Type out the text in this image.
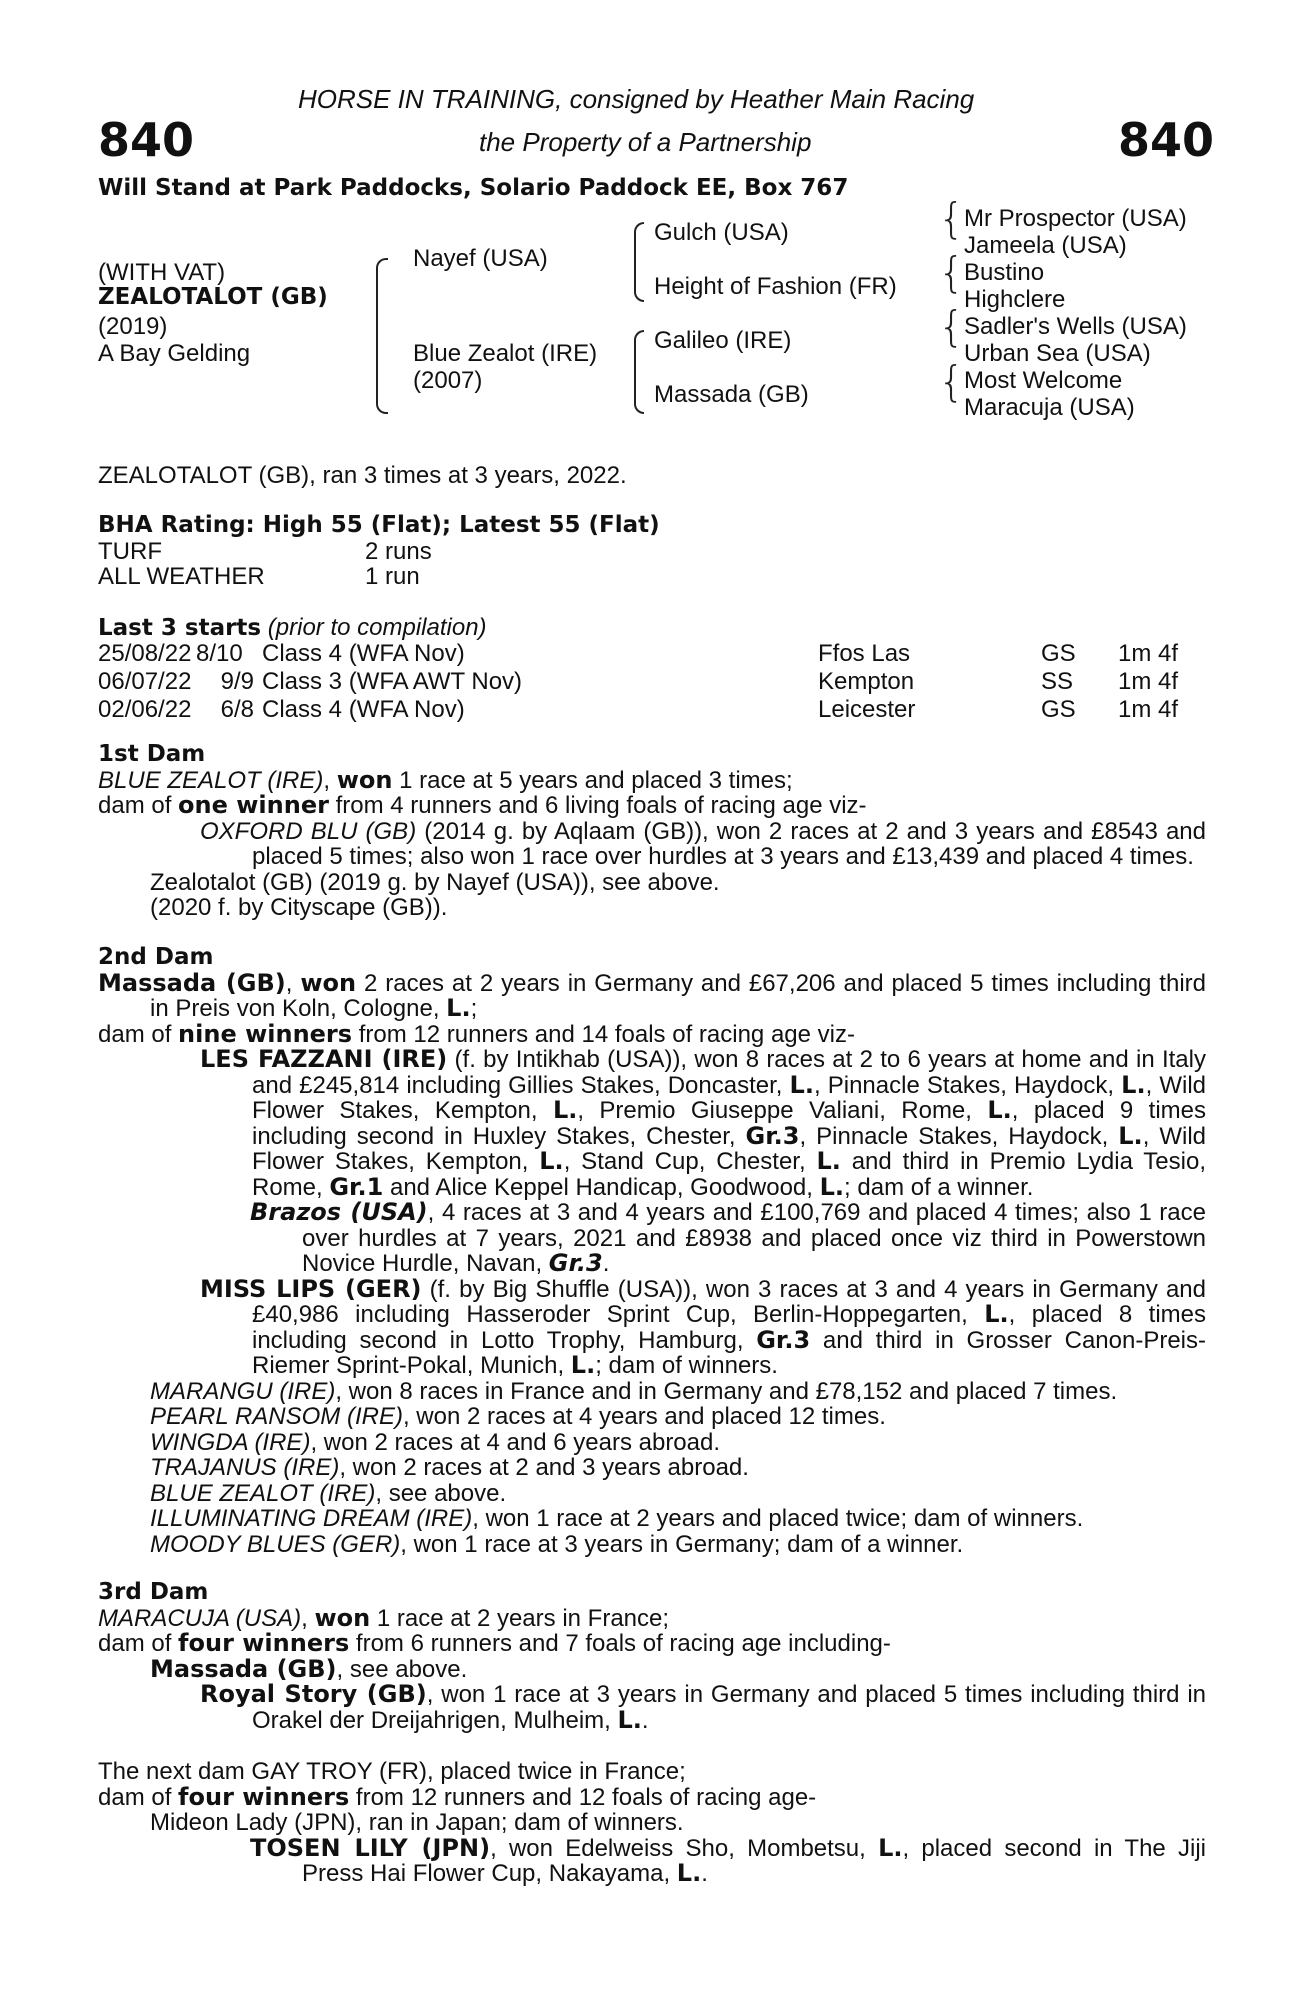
HORSE IN TRAINING, consigned by Heather Main Racing
840	the Property of a Partnership	840
Will Stand at Park Paddocks, Solario Paddock EE, Box 767
(WITH VAT)
ZEALOTALOT (GB)
(2019)
A Bay Gelding
{
{
{
{
Nayef (USA)
Blue Zealot (IRE)
(2007)
Gulch (USA)
Height of Fashion (FR)
Galileo (IRE)
Massada (GB)
Mr Prospector (USA)
Jameela (USA)
Bustino
Highclere
Sadler's Wells (USA)
Urban Sea (USA)
Most Welcome
Maracuja (USA)
ZEALOTALOT (GB), ran 3 times at 3 years, 2022.
BHA Rating: High 55 (Flat); Latest 55 (Flat)
TURF	2 runs
ALL WEATHER	1 run
Last 3 starts (prior to compilation)
25/08/22	8/10	Class 4 (WFA Nov)	Ffos Las	GS	1m 4f
06/07/22	9/9	Class 3 (WFA AWT Nov)	Kempton	SS	1m 4f
02/06/22	6/8	Class 4 (WFA Nov)	Leicester	GS	1m 4f

1st Dam

BLUE ZEALOT (IRE), won 1 race at 5 years and placed 3 times;

dam of one winner from 4 runners and 6 living foals of racing age viz-

OXFORD BLU (GB) (2014 g. by Aqlaam (GB)), won 2 races at 2 and 3 years and £8543 and placed 5 times; also won 1 race over hurdles at 3 years and £13,439 and placed 4 times.

Zealotalot (GB) (2019 g. by Nayef (USA)), see above.

(2020 f. by Cityscape (GB)).

2nd Dam

Massada (GB), won 2 races at 2 years in Germany and £67,206 and placed 5 times including third in Preis von Koln, Cologne, L.;

dam of nine winners from 12 runners and 14 foals of racing age viz-

LES FAZZANI (IRE) (f. by Intikhab (USA)), won 8 races at 2 to 6 years at home and in Italy and £245,814 including Gillies Stakes, Doncaster, L., Pinnacle Stakes, Haydock, L., Wild Flower Stakes, Kempton, L., Premio Giuseppe Valiani, Rome, L., placed 9 times including second in Huxley Stakes, Chester, Gr.3, Pinnacle Stakes, Haydock, L., Wild Flower Stakes, Kempton, L., Stand Cup, Chester, L. and third in Premio Lydia Tesio, Rome, Gr.1 and Alice Keppel Handicap, Goodwood, L.; dam of a winner.

Brazos (USA), 4 races at 3 and 4 years and £100,769 and placed 4 times; also 1 race over hurdles at 7 years, 2021 and £8938 and placed once viz third in Powerstown Novice Hurdle, Navan, Gr.3.

MISS LIPS (GER) (f. by Big Shuffle (USA)), won 3 races at 3 and 4 years in Germany and £40,986 including Hasseroder Sprint Cup, Berlin-Hoppegarten, L., placed 8 times including second in Lotto Trophy, Hamburg, Gr.3 and third in Grosser Canon-Preis-Riemer Sprint-Pokal, Munich, L.; dam of winners.

MARANGU (IRE), won 8 races in France and in Germany and £78,152 and placed 7 times.

PEARL RANSOM (IRE), won 2 races at 4 years and placed 12 times.

WINGDA (IRE), won 2 races at 4 and 6 years abroad.

TRAJANUS (IRE), won 2 races at 2 and 3 years abroad.

BLUE ZEALOT (IRE), see above.

ILLUMINATING DREAM (IRE), won 1 race at 2 years and placed twice; dam of winners.

MOODY BLUES (GER), won 1 race at 3 years in Germany; dam of a winner.

3rd Dam

MARACUJA (USA), won 1 race at 2 years in France;

dam of four winners from 6 runners and 7 foals of racing age including-

Massada (GB), see above.

Royal Story (GB), won 1 race at 3 years in Germany and placed 5 times including third in Orakel der Dreijahrigen, Mulheim, L..

The next dam GAY TROY (FR), placed twice in France;

dam of four winners from 12 runners and 12 foals of racing age-

Mideon Lady (JPN), ran in Japan; dam of winners.

TOSEN LILY (JPN), won Edelweiss Sho, Mombetsu, L., placed second in The Jiji Press Hai Flower Cup, Nakayama, L..
